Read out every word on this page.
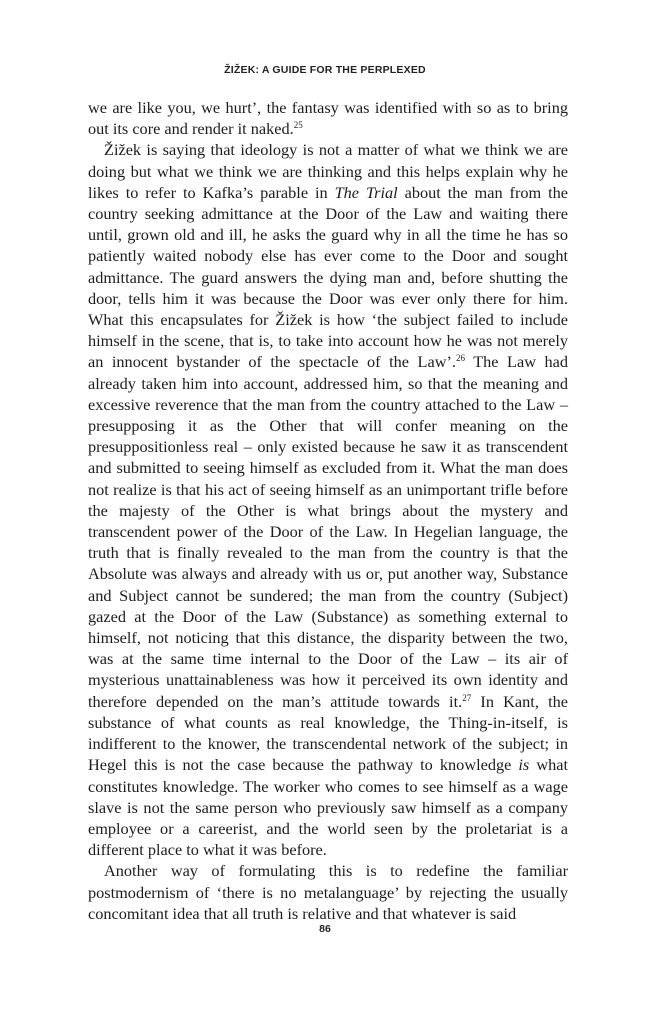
ŽIŽEK: A GUIDE FOR THE PERPLEXED

we are like you, we hurt’, the fantasy was identified with so as to bring out its core and render it naked.$^{25}$

Žižek is saying that ideology is not a matter of what we think we are doing but what we think we are thinking and this helps explain why he likes to refer to Kafka’s parable in The Trial about the man from the country seeking admittance at the Door of the Law and waiting there until, grown old and ill, he asks the guard why in all the time he has so patiently waited nobody else has ever come to the Door and sought admittance. The guard answers the dying man and, before shutting the door, tells him it was because the Door was ever only there for him. What this encapsulates for Žižek is how ‘the subject failed to include himself in the scene, that is, to take into account how he was not merely an innocent bystander of the spectacle of the Law’.$^{26}$ The Law had already taken him into account, addressed him, so that the meaning and excessive reverence that the man from the country attached to the Law – presupposing it as the Other that will confer meaning on the presuppositionless real – only existed because he saw it as transcendent and submitted to seeing himself as excluded from it. What the man does not realize is that his act of seeing himself as an unimportant trifle before the majesty of the Other is what brings about the mystery and transcendent power of the Door of the Law. In Hegelian language, the truth that is finally revealed to the man from the country is that the Absolute was always and already with us or, put another way, Substance and Subject cannot be sundered; the man from the country (Subject) gazed at the Door of the Law (Substance) as something external to himself, not noticing that this distance, the disparity between the two, was at the same time internal to the Door of the Law – its air of mysterious unattainableness was how it perceived its own identity and therefore depended on the man’s attitude towards it.$^{27}$ In Kant, the substance of what counts as real knowledge, the Thing-in-itself, is indifferent to the knower, the transcendental network of the subject; in Hegel this is not the case because the pathway to knowledge is what constitutes knowledge. The worker who comes to see himself as a wage slave is not the same person who previously saw himself as a company employee or a careerist, and the world seen by the proletariat is a different place to what it was before.

Another way of formulating this is to redefine the familiar postmodernism of ‘there is no metalanguage’ by rejecting the usually concomitant idea that all truth is relative and that whatever is said

86
